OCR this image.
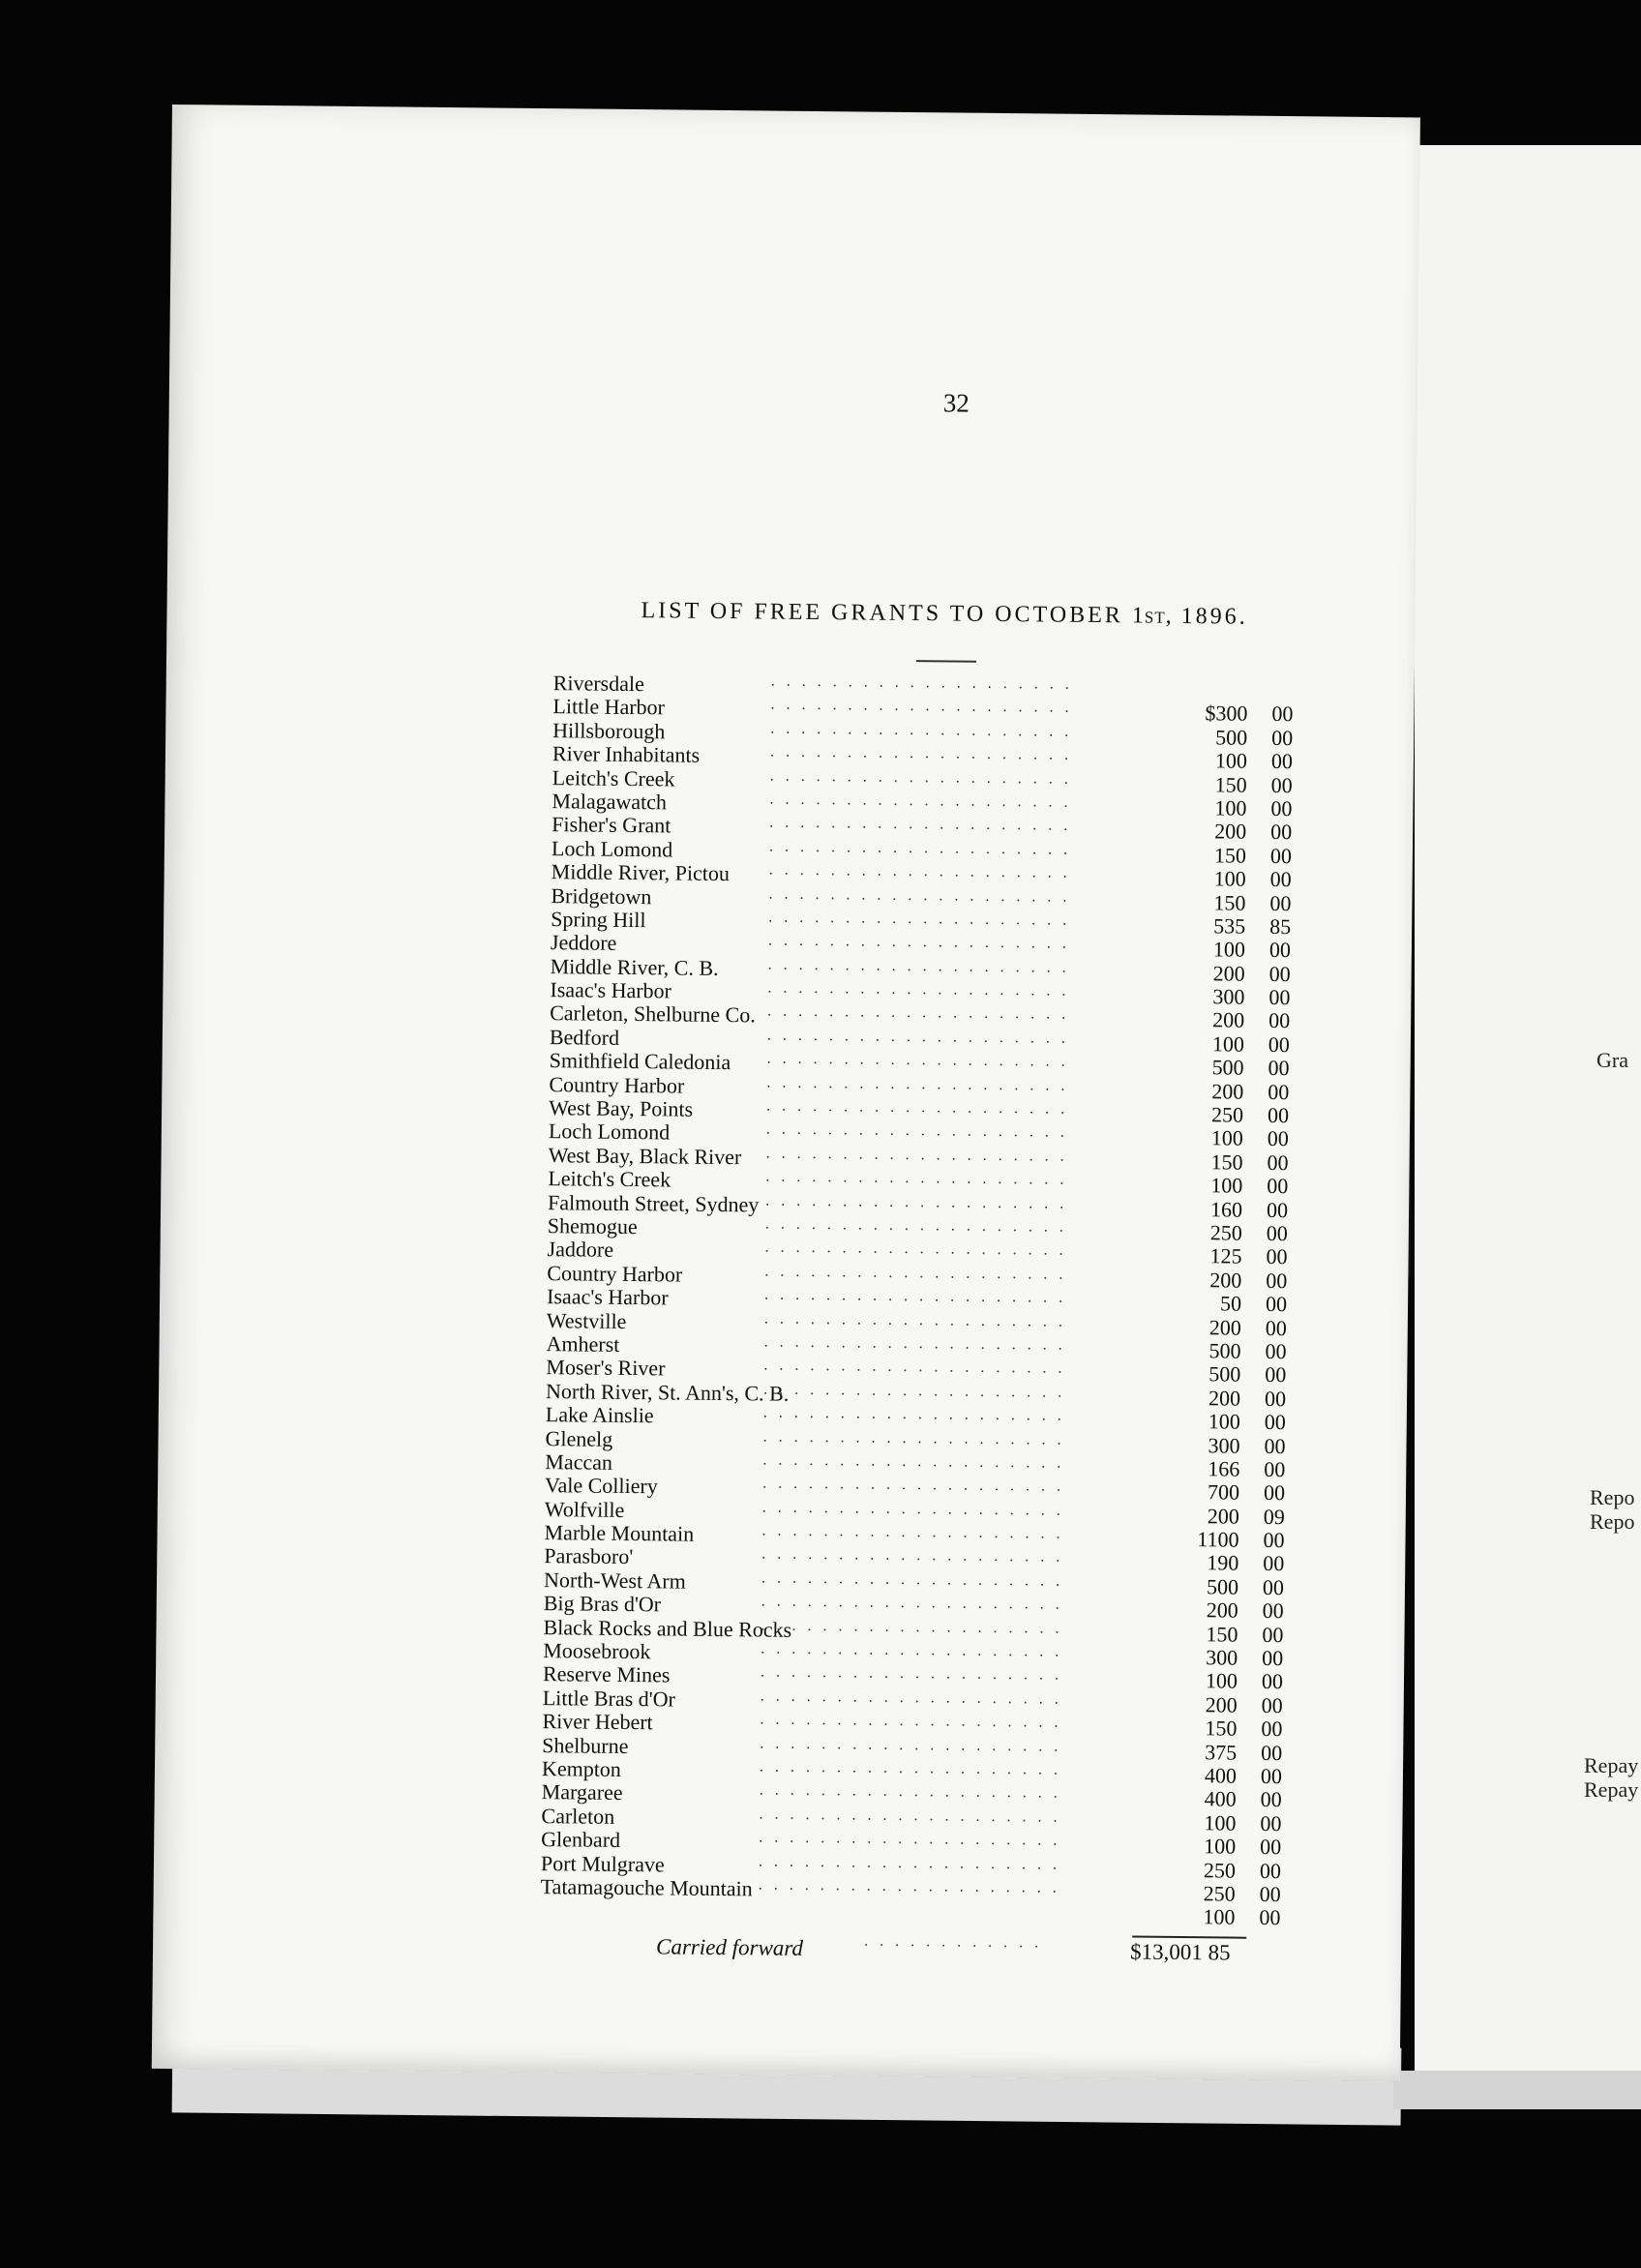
32
LIST OF FREE GRANTS TO OCTOBER 1st, 1896.
Riversdale	. . . . . . . . . . . . . . . . . . . .
Little Harbor	. . . . . . . . . . . . . . . . . . . .	$300 00
Hillsborough	. . . . . . . . . . . . . . . . . . . .	500 00
River Inhabitants	. . . . . . . . . . . . . . . . . . . .	100 00
Leitch's Creek	. . . . . . . . . . . . . . . . . . . .	150 00
Malagawatch	. . . . . . . . . . . . . . . . . . . .	100 00
Fisher's Grant	. . . . . . . . . . . . . . . . . . . .	200 00
Loch Lomond	. . . . . . . . . . . . . . . . . . . .	150 00
Middle River, Pictou	. . . . . . . . . . . . . . . . . . . .	100 00
Bridgetown	. . . . . . . . . . . . . . . . . . . .	150 00
Spring Hill	. . . . . . . . . . . . . . . . . . . .	535 85
Jeddore	. . . . . . . . . . . . . . . . . . . .	100 00
Middle River, C. B.	. . . . . . . . . . . . . . . . . . . .	200 00
Isaac's Harbor	. . . . . . . . . . . . . . . . . . . .	300 00
Carleton, Shelburne Co. . . . . . . . . . . . . . . . . . . . .	200 00
Bedford	. . . . . . . . . . . . . . . . . . . .	100 00
Smithfield Caledonia . . . . . . . . . . . . . . . . . . . .	500 00
Country Harbor	. . . . . . . . . . . . . . . . . . . .	200 00
West Bay, Points	. . . . . . . . . . . . . . . . . . . .	250 00
Loch Lomond	. . . . . . . . . . . . . . . . . . . .	100 00
West Bay, Black River . . . . . . . . . . . . . . . . . . . .	150 00
Leitch's Creek	. . . . . . . . . . . . . . . . . . . .	100 00
Falmouth Street, Sydney . . . . . . . . . . . . . . . . . . . .	160 00
Shemogue	. . . . . . . . . . . . . . . . . . . .	250 00
Jaddore	. . . . . . . . . . . . . . . . . . . .	125 00
Country Harbor	. . . . . . . . . . . . . . . . . . . .	200 00
Isaac's Harbor	. . . . . . . . . . . . . . . . . . . .	50 00
Westville	. . . . . . . . . . . . . . . . . . . .	200 00
Amherst	. . . . . . . . . . . . . . . . . . . .	500 00
Moser's River	. . . . . . . . . . . . . . . . . . . .	500 00
North River, St. Ann's, C. B.
. . . . . . . . . . . . . . . . . . . .	200 00
Lake Ainslie	. . . . . . . . . . . . . . . . . . . .	100 00
Glenelg	. . . . . . . . . . . . . . . . . . . .	300 00
Maccan	. . . . . . . . . . . . . . . . . . . .	166 00
Vale Colliery	. . . . . . . . . . . . . . . . . . . .	700 00
Wolfville	. . . . . . . . . . . . . . . . . . . .	200 09
Marble Mountain	. . . . . . . . . . . . . . . . . . . .	1100 00
Parasboro'	. . . . . . . . . . . . . . . . . . . .	190 00
North-West Arm	. . . . . . . . . . . . . . . . . . . .	500 00
Big Bras d'Or	. . . . . . . . . . . . . . . . . . . .	200 00
Black Rocks and Blue Rocks
. . . . . . . . . . . . . . . . . . . .	150 00
Moosebrook	. . . . . . . . . . . . . . . . . . . .	300 00
Reserve Mines	. . . . . . . . . . . . . . . . . . . .	100 00
Little Bras d'Or	. . . . . . . . . . . . . . . . . . . .	200 00
River Hebert	. . . . . . . . . . . . . . . . . . . .	150 00
Shelburne	. . . . . . . . . . . . . . . . . . . .	375 00
Kempton	. . . . . . . . . . . . . . . . . . . .	400 00
Margaree	. . . . . . . . . . . . . . . . . . . .	400 00
Carleton	. . . . . . . . . . . . . . . . . . . .	100 00
Glenbard	. . . . . . . . . . . . . . . . . . . .	100 00
Port Mulgrave	. . . . . . . . . . . . . . . . . . . .	250 00
Tatamagouche Mountain . . . . . . . . . . . . . . . . . . . .	250 00
100 00
Carried forward	. . . . . . . . . . . .	$13,001 85
Gra
Repo
Repo
Repay
Repay
